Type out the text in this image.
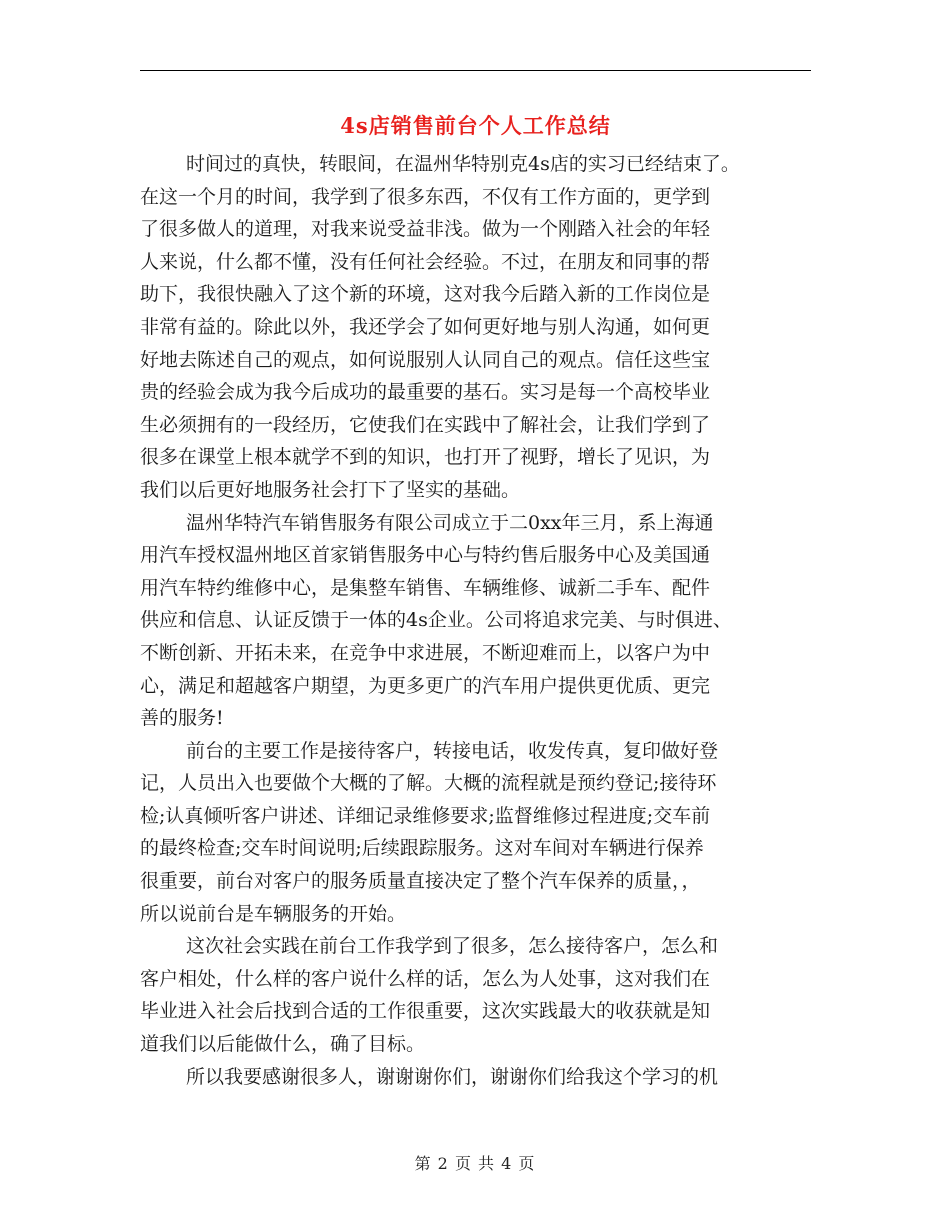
4s店销售前台个人工作总结
时间过的真快，转眼间，在温州华特别克4s店的实习已经结束了。
在这一个月的时间，我学到了很多东西，不仅有工作方面的，更学到
了很多做人的道理，对我来说受益非浅。做为一个刚踏入社会的年轻
人来说，什么都不懂，没有任何社会经验。不过，在朋友和同事的帮
助下，我很快融入了这个新的环境，这对我今后踏入新的工作岗位是
非常有益的。除此以外，我还学会了如何更好地与别人沟通，如何更
好地去陈述自己的观点，如何说服别人认同自己的观点。信任这些宝
贵的经验会成为我今后成功的最重要的基石。实习是每一个高校毕业
生必须拥有的一段经历，它使我们在实践中了解社会，让我们学到了
很多在课堂上根本就学不到的知识，也打开了视野，增长了见识，为
我们以后更好地服务社会打下了坚实的基础。
温州华特汽车销售服务有限公司成立于二0xx年三月，系上海通
用汽车授权温州地区首家销售服务中心与特约售后服务中心及美国通
用汽车特约维修中心，是集整车销售、车辆维修、诚新二手车、配件
供应和信息、认证反馈于一体的4s企业。公司将追求完美、与时俱进、
不断创新、开拓未来，在竞争中求进展，不断迎难而上，以客户为中
心，满足和超越客户期望，为更多更广的汽车用户提供更优质、更完
善的服务!
前台的主要工作是接待客户，转接电话，收发传真，复印做好登
记，人员出入也要做个大概的了解。大概的流程就是预约登记;接待环
检;认真倾听客户讲述、详细记录维修要求;监督维修过程进度;交车前
的最终检查;交车时间说明;后续跟踪服务。这对车间对车辆进行保养
很重要，前台对客户的服务质量直接决定了整个汽车保养的质量，，
所以说前台是车辆服务的开始。
这次社会实践在前台工作我学到了很多，怎么接待客户，怎么和
客户相处，什么样的客户说什么样的话，怎么为人处事，这对我们在
毕业进入社会后找到合适的工作很重要，这次实践最大的收获就是知
道我们以后能做什么，确了目标。
所以我要感谢很多人，谢谢谢你们，谢谢你们给我这个学习的机
第 2 页 共 4 页
